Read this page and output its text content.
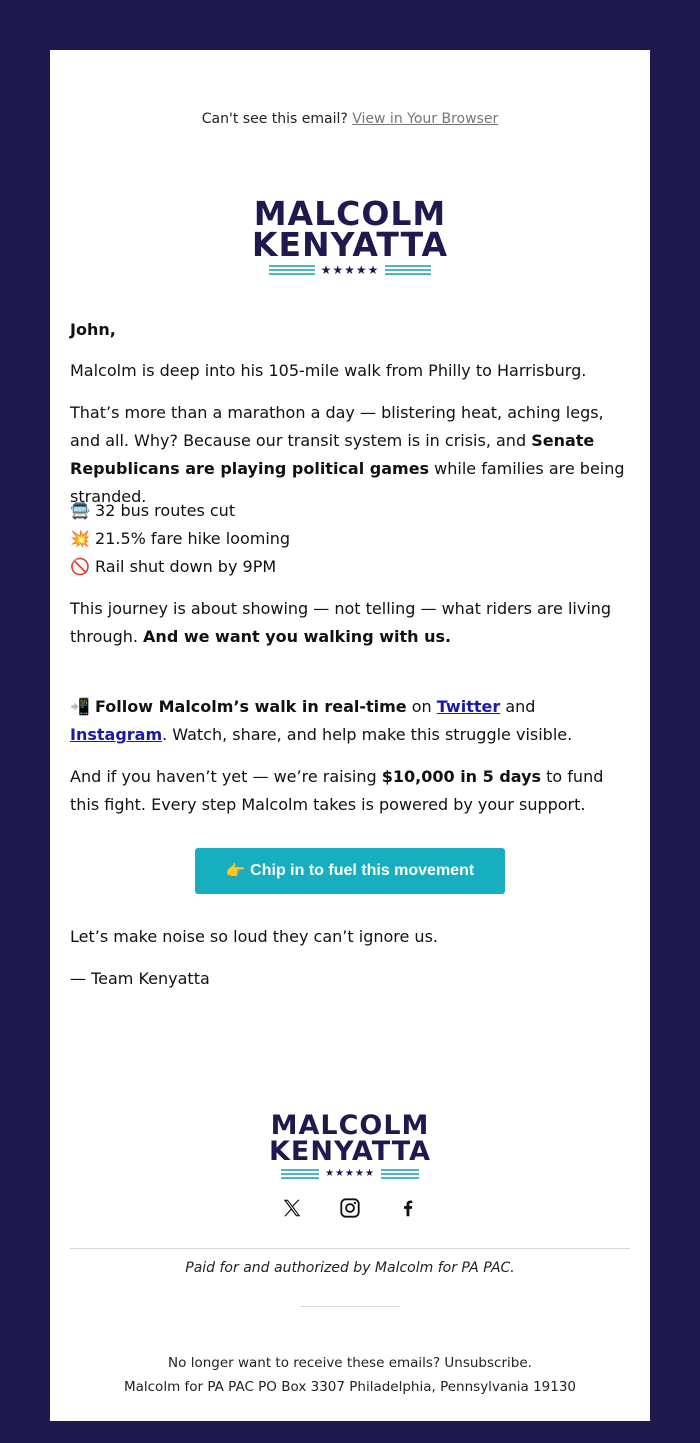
Can't see this email? View in Your Browser
MALCOLM
KENYATTA
★★★★★

John,

Malcolm is deep into his 105-mile walk from Philly to Harrisburg.

That’s more than a marathon a day — blistering heat, aching legs, and all. Why? Because our transit system is in crisis, and Senate Republicans are playing political games while families are being stranded.

🚍 32 bus routes cut

💥 21.5% fare hike looming

🚫 Rail shut down by 9PM

This journey is about showing — not telling — what riders are living through. And we want you walking with us.

📲 Follow Malcolm’s walk in real-time on Twitter and Instagram. Watch, share, and help make this struggle visible.

And if you haven’t yet — we’re raising $10,000 in 5 days to fund this fight. Every step Malcolm takes is powered by your support.

👉
Chip in to fuel this movement

Let’s make noise so loud they can’t ignore us.

— Team Kenyatta

MALCOLM
KENYATTA
★★★★★
Paid for and authorized by Malcolm for PA PAC.
No longer want to receive these emails? Unsubscribe.
Malcolm for PA PAC PO Box 3307 Philadelphia, Pennsylvania 19130
